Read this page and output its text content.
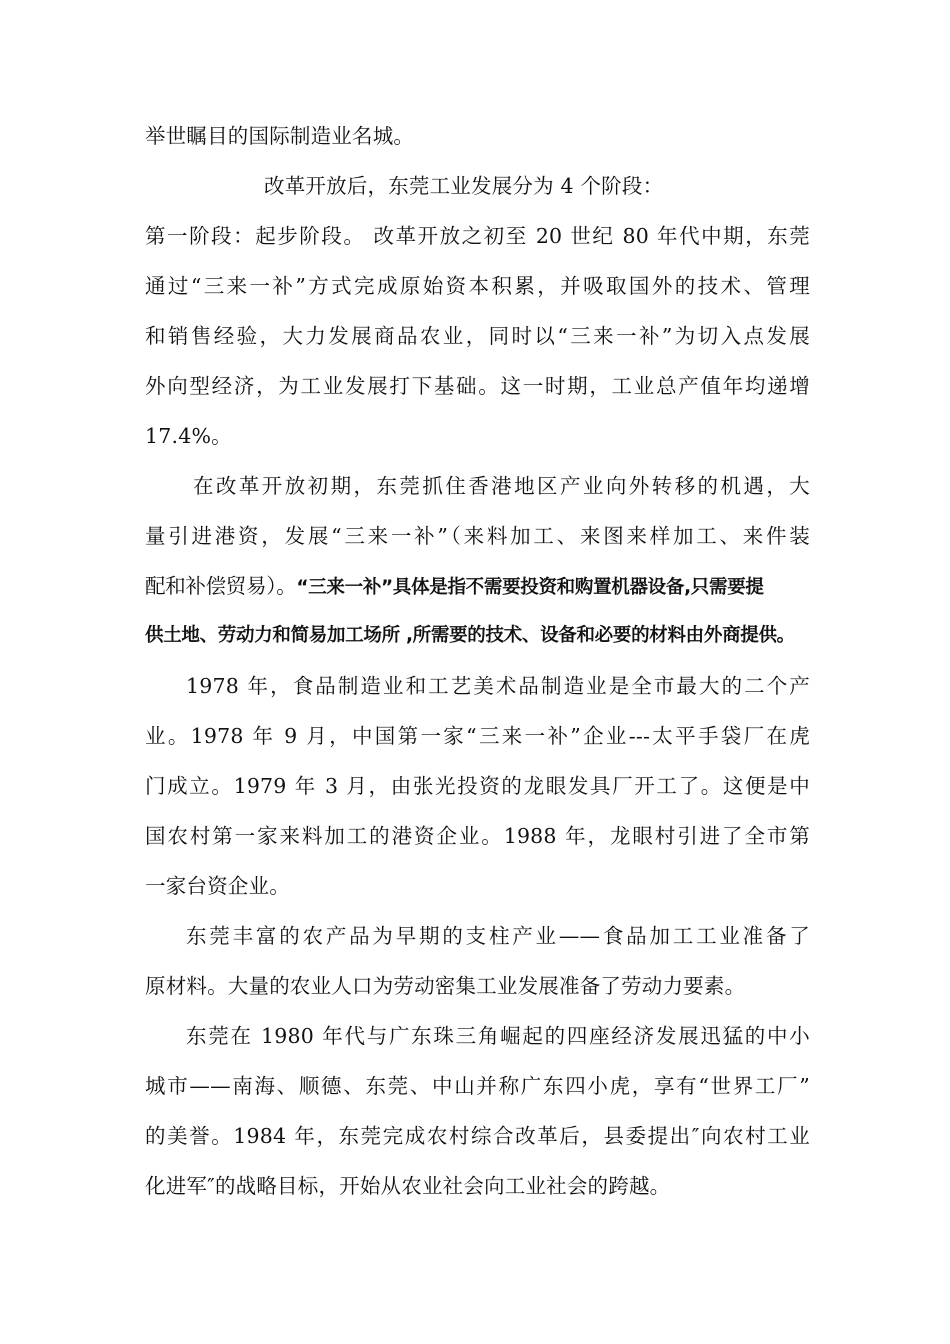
举世瞩目的国际制造业名城。
改革开放后，东莞工业发展分为 4 个阶段：
第一阶段：起步阶段。 改革开放之初至 20 世纪 80 年代中期，东莞
通过“三来一补”方式完成原始资本积累，并吸取国外的技术、管理
和销售经验，大力发展商品农业，同时以“三来一补”为切入点发展
外向型经济，为工业发展打下基础。这一时期，工业总产值年均递增
17.4%。
在改革开放初期，东莞抓住香港地区产业向外转移的机遇，大
量引进港资，发展“三来一补”（来料加工、来图来样加工、来件装
配和补偿贸易）。“三来一补”具体是指不需要投资和购置机器设备,只需要提
供土地、劳动力和简易加工场所 ,所需要的技术、设备和必要的材料由外商提供。
1978 年，食品制造业和工艺美术品制造业是全市最大的二个产
业。1978 年 9 月，中国第一家“三来一补”企业---太平手袋厂在虎
门成立。1979 年 3 月，由张光投资的龙眼发具厂开工了。这便是中
国农村第一家来料加工的港资企业。1988 年，龙眼村引进了全市第
一家台资企业。
东莞丰富的农产品为早期的支柱产业——食品加工工业准备了
原材料。大量的农业人口为劳动密集工业发展准备了劳动力要素。
东莞在 1980 年代与广东珠三角崛起的四座经济发展迅猛的中小
城市——南海、顺德、东莞、中山并称广东四小虎，享有“世界工厂”
的美誉。1984 年，东莞完成农村综合改革后，县委提出″向农村工业
化进军″的战略目标，开始从农业社会向工业社会的跨越。
